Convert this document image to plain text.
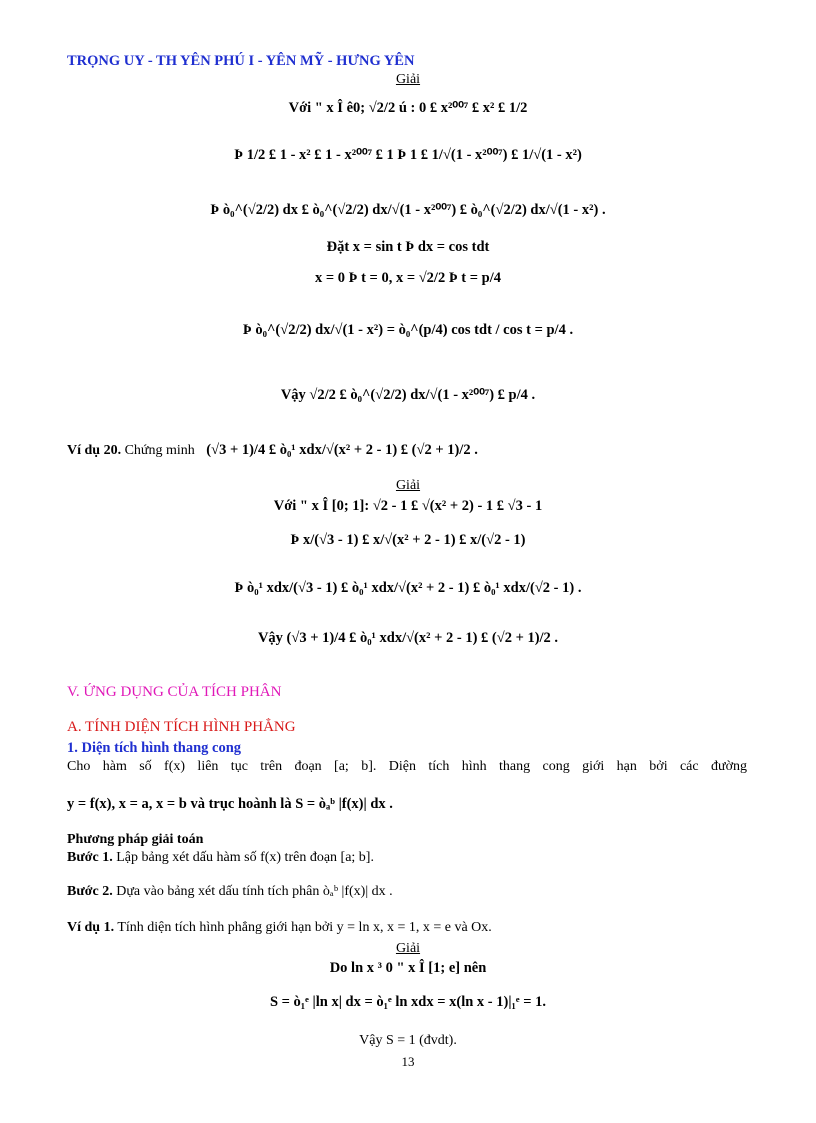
TRỌNG UY - TH YÊN PHÚ I - YÊN MỸ - HƯNG YÊN
Giải
Với " x Î ê0; √2/2 ú : 0 £ x²⁰⁰⁷ £ x² £ 1/2
Þ 1/2 £ 1 - x² £ 1 - x²⁰⁰⁷ £ 1 Þ 1 £ 1/√(1 - x²⁰⁰⁷) £ 1/√(1 - x²)
Þ ò₀^(√2/2) dx £ ò₀^(√2/2) dx/√(1 - x²⁰⁰⁷) £ ò₀^(√2/2) dx/√(1 - x²) .
Đặt x = sin t Þ dx = cos tdt
x = 0 Þ t = 0, x = √2/2 Þ t = p/4
Þ ò₀^(√2/2) dx/√(1 - x²) = ò₀^(p/4) cos tdt / cos t = p/4 .
Vậy √2/2 £ ò₀^(√2/2) dx/√(1 - x²⁰⁰⁷) £ p/4 .
Ví dụ 20. Chứng minh (√3 + 1)/4 £ ò₀¹ xdx/√(x² + 2 - 1) £ (√2 + 1)/2 .
Giải
Với " x Î [0; 1]: √2 - 1 £ √(x² + 2) - 1 £ √3 - 1
Þ x/(√3 - 1) £ x/√(x² + 2 - 1) £ x/(√2 - 1)
Þ ò₀¹ xdx/(√3 - 1) £ ò₀¹ xdx/√(x² + 2 - 1) £ ò₀¹ xdx/(√2 - 1) .
Vậy (√3 + 1)/4 £ ò₀¹ xdx/√(x² + 2 - 1) £ (√2 + 1)/2 .
V. ỨNG DỤNG CỦA TÍCH PHÂN
A. TÍNH DIỆN TÍCH HÌNH PHẲNG
1. Diện tích hình thang cong
Cho hàm số f(x) liên tục trên đoạn [a; b]. Diện tích hình thang cong giới hạn bởi các đường
y = f(x), x = a, x = b và trục hoành là S = òₐᵇ |f(x)| dx .
Phương pháp giải toán
Bước 1. Lập bảng xét dấu hàm số f(x) trên đoạn [a; b].
Bước 2. Dựa vào bảng xét dấu tính tích phân òₐᵇ |f(x)| dx .
Ví dụ 1. Tính diện tích hình phẳng giới hạn bởi y = ln x, x = 1, x = e và Ox.
Giải
Do ln x ³ 0 " x Î [1; e] nên
S = ò₁ᵉ |ln x| dx = ò₁ᵉ ln xdx = x(ln x - 1)|₁ᵉ = 1.
Vậy S = 1 (đvdt).
13
